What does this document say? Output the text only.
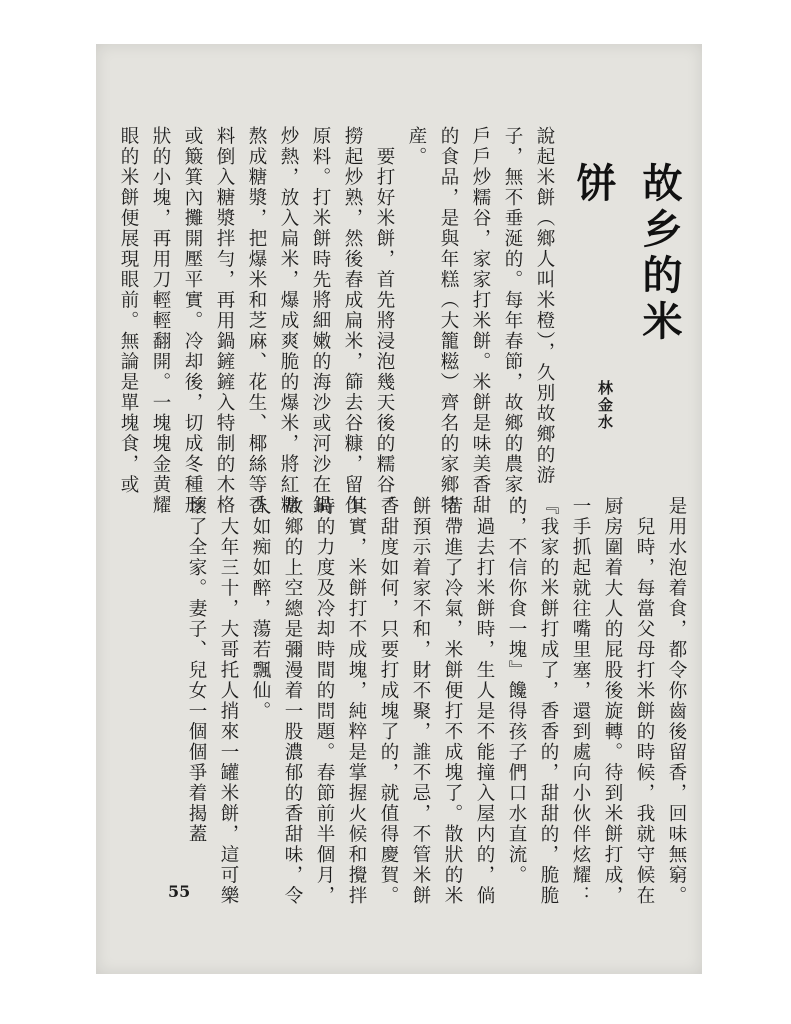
說起米餅（鄉人叫米橙），久別故鄉的游子，無不垂涎的。每年春節，故鄉的農家，戶戶炒糯谷，家家打米餅。米餅是味美香甜的食品，是與年糕（大籠糍）齊名的家鄉特産。
　要打好米餅，首先將浸泡幾天後的糯谷，撈起炒熟，然後舂成扁米，篩去谷糠，留作原料。打米餅時先將細嫩的海沙或河沙在鍋炒熱，放入扁米，爆成爽脆的爆米，將紅糖熬成糖漿，把爆米和芝麻、花生、椰絲等香料倒入糖漿拌勻，再用鍋鏟鏟入特制的木格或簸箕內攤開壓平實。冷却後，切成冬種形狀的小塊，再用刀輕輕翻開。一塊塊金黄耀眼的米餅便展現眼前。無論是單塊食，或	故乡的米饼
林金水
是用水泡着食，都令你齒後留香，回味無窮。
　兒時，每當父母打米餅的時候，我就守候在厨房圍着大人的屁股後旋轉。待到米餅打成，一手抓起就往嘴里塞，還到處向小伙伴炫耀：『我家的米餅打成了，香香的，甜甜的，脆脆的，不信你食一塊』饞得孩子們口水直流。
　過去打米餅時，生人是不能撞入屋内的，倘若帶進了冷氣，米餅便打不成塊了。散狀的米餅預示着家不和，財不聚，誰不忌，不管米餅香甜度如何，只要打成塊了的，就值得慶賀。其實，米餅打不成塊，純粹是掌握火候和攪拌時的力度及冷却時間的問題。春節前半個月，故鄉的上空總是彌漫着一股濃郁的香甜味，令人如痴如醉，蕩若飄仙。
　大年三十，大哥托人捎來一罐米餅，這可樂壞了全家。妻子、兒女一個個爭着揭蓋
55
